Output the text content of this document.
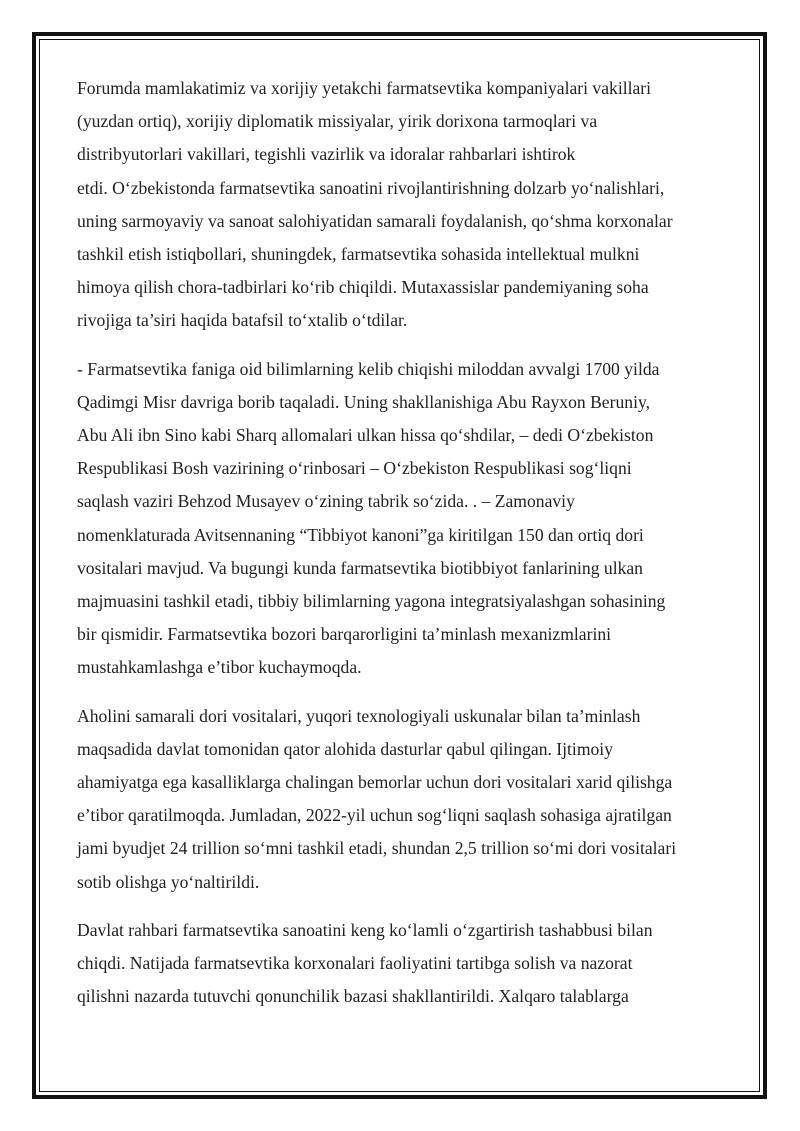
Forumda mamlakatimiz va xorijiy yetakchi farmatsevtika kompaniyalari vakillari
(yuzdan ortiq), xorijiy diplomatik missiyalar, yirik dorixona tarmoqlari va
distribyutorlari vakillari, tegishli vazirlik va idoralar rahbarlari ishtirok
etdi. O‘zbekistonda farmatsevtika sanoatini rivojlantirishning dolzarb yo‘nalishlari,
uning sarmoyaviy va sanoat salohiyatidan samarali foydalanish, qo‘shma korxonalar
tashkil etish istiqbollari, shuningdek, farmatsevtika sohasida intellektual mulkni
himoya qilish chora-tadbirlari ko‘rib chiqildi. Mutaxassislar pandemiyaning soha
rivojiga ta’siri haqida batafsil to‘xtalib o‘tdilar.

- Farmatsevtika faniga oid bilimlarning kelib chiqishi miloddan avvalgi 1700 yilda
Qadimgi Misr davriga borib taqaladi. Uning shakllanishiga Abu Rayxon Beruniy,
Abu Ali ibn Sino kabi Sharq allomalari ulkan hissa qo‘shdilar, – dedi O‘zbekiston
Respublikasi Bosh vazirining o‘rinbosari – O‘zbekiston Respublikasi sog‘liqni
saqlash vaziri Behzod Musayev o‘zining tabrik so‘zida. . – Zamonaviy
nomenklaturada Avitsennaning “Tibbiyot kanoni”ga kiritilgan 150 dan ortiq dori
vositalari mavjud. Va bugungi kunda farmatsevtika biotibbiyot fanlarining ulkan
majmuasini tashkil etadi, tibbiy bilimlarning yagona integratsiyalashgan sohasining
bir qismidir. Farmatsevtika bozori barqarorligini ta’minlash mexanizmlarini
mustahkamlashga e’tibor kuchaymoqda.

Aholini samarali dori vositalari, yuqori texnologiyali uskunalar bilan ta’minlash
maqsadida davlat tomonidan qator alohida dasturlar qabul qilingan. Ijtimoiy
ahamiyatga ega kasalliklarga chalingan bemorlar uchun dori vositalari xarid qilishga
e’tibor qaratilmoqda. Jumladan, 2022-yil uchun sog‘liqni saqlash sohasiga ajratilgan
jami byudjet 24 trillion so‘mni tashkil etadi, shundan 2,5 trillion so‘mi dori vositalari
sotib olishga yo‘naltirildi.

Davlat rahbari farmatsevtika sanoatini keng ko‘lamli o‘zgartirish tashabbusi bilan
chiqdi. Natijada farmatsevtika korxonalari faoliyatini tartibga solish va nazorat
qilishni nazarda tutuvchi qonunchilik bazasi shakllantirildi. Xalqaro talablarga
